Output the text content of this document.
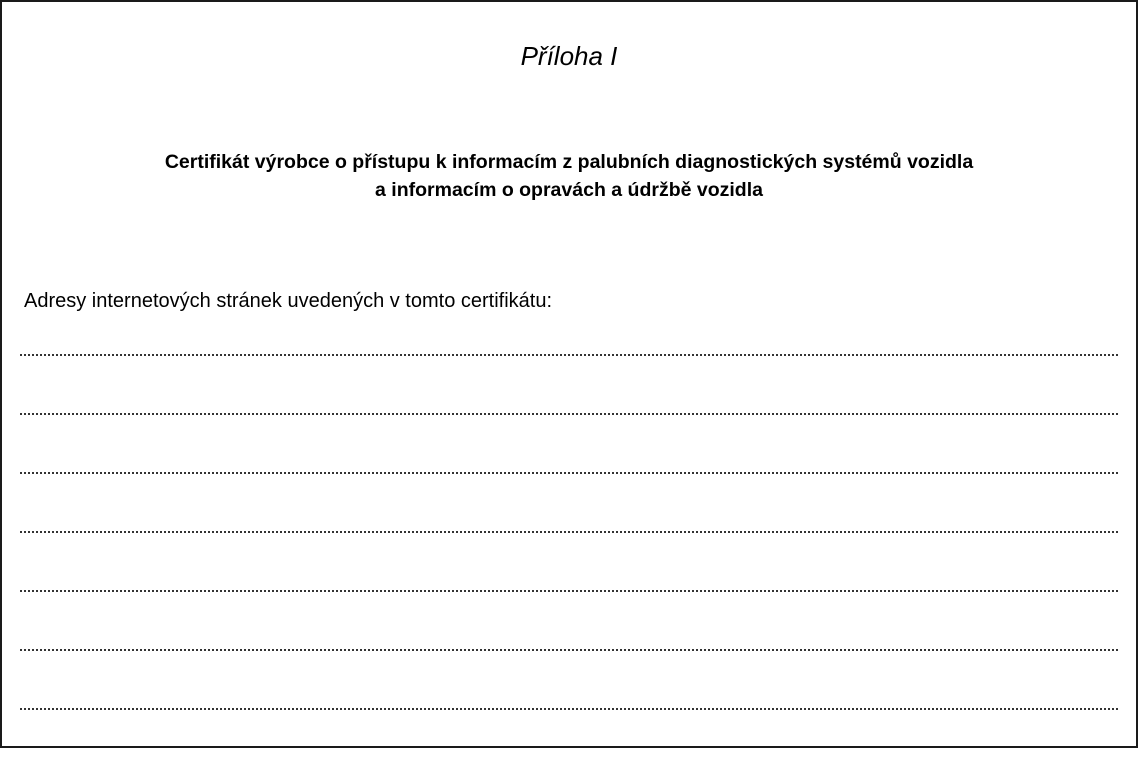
Příloha I
Certifikát výrobce o přístupu k informacím z palubních diagnostických systémů vozidla
a informacím o opravách a údržbě vozidla
Adresy internetových stránek uvedených v tomto certifikátu:
